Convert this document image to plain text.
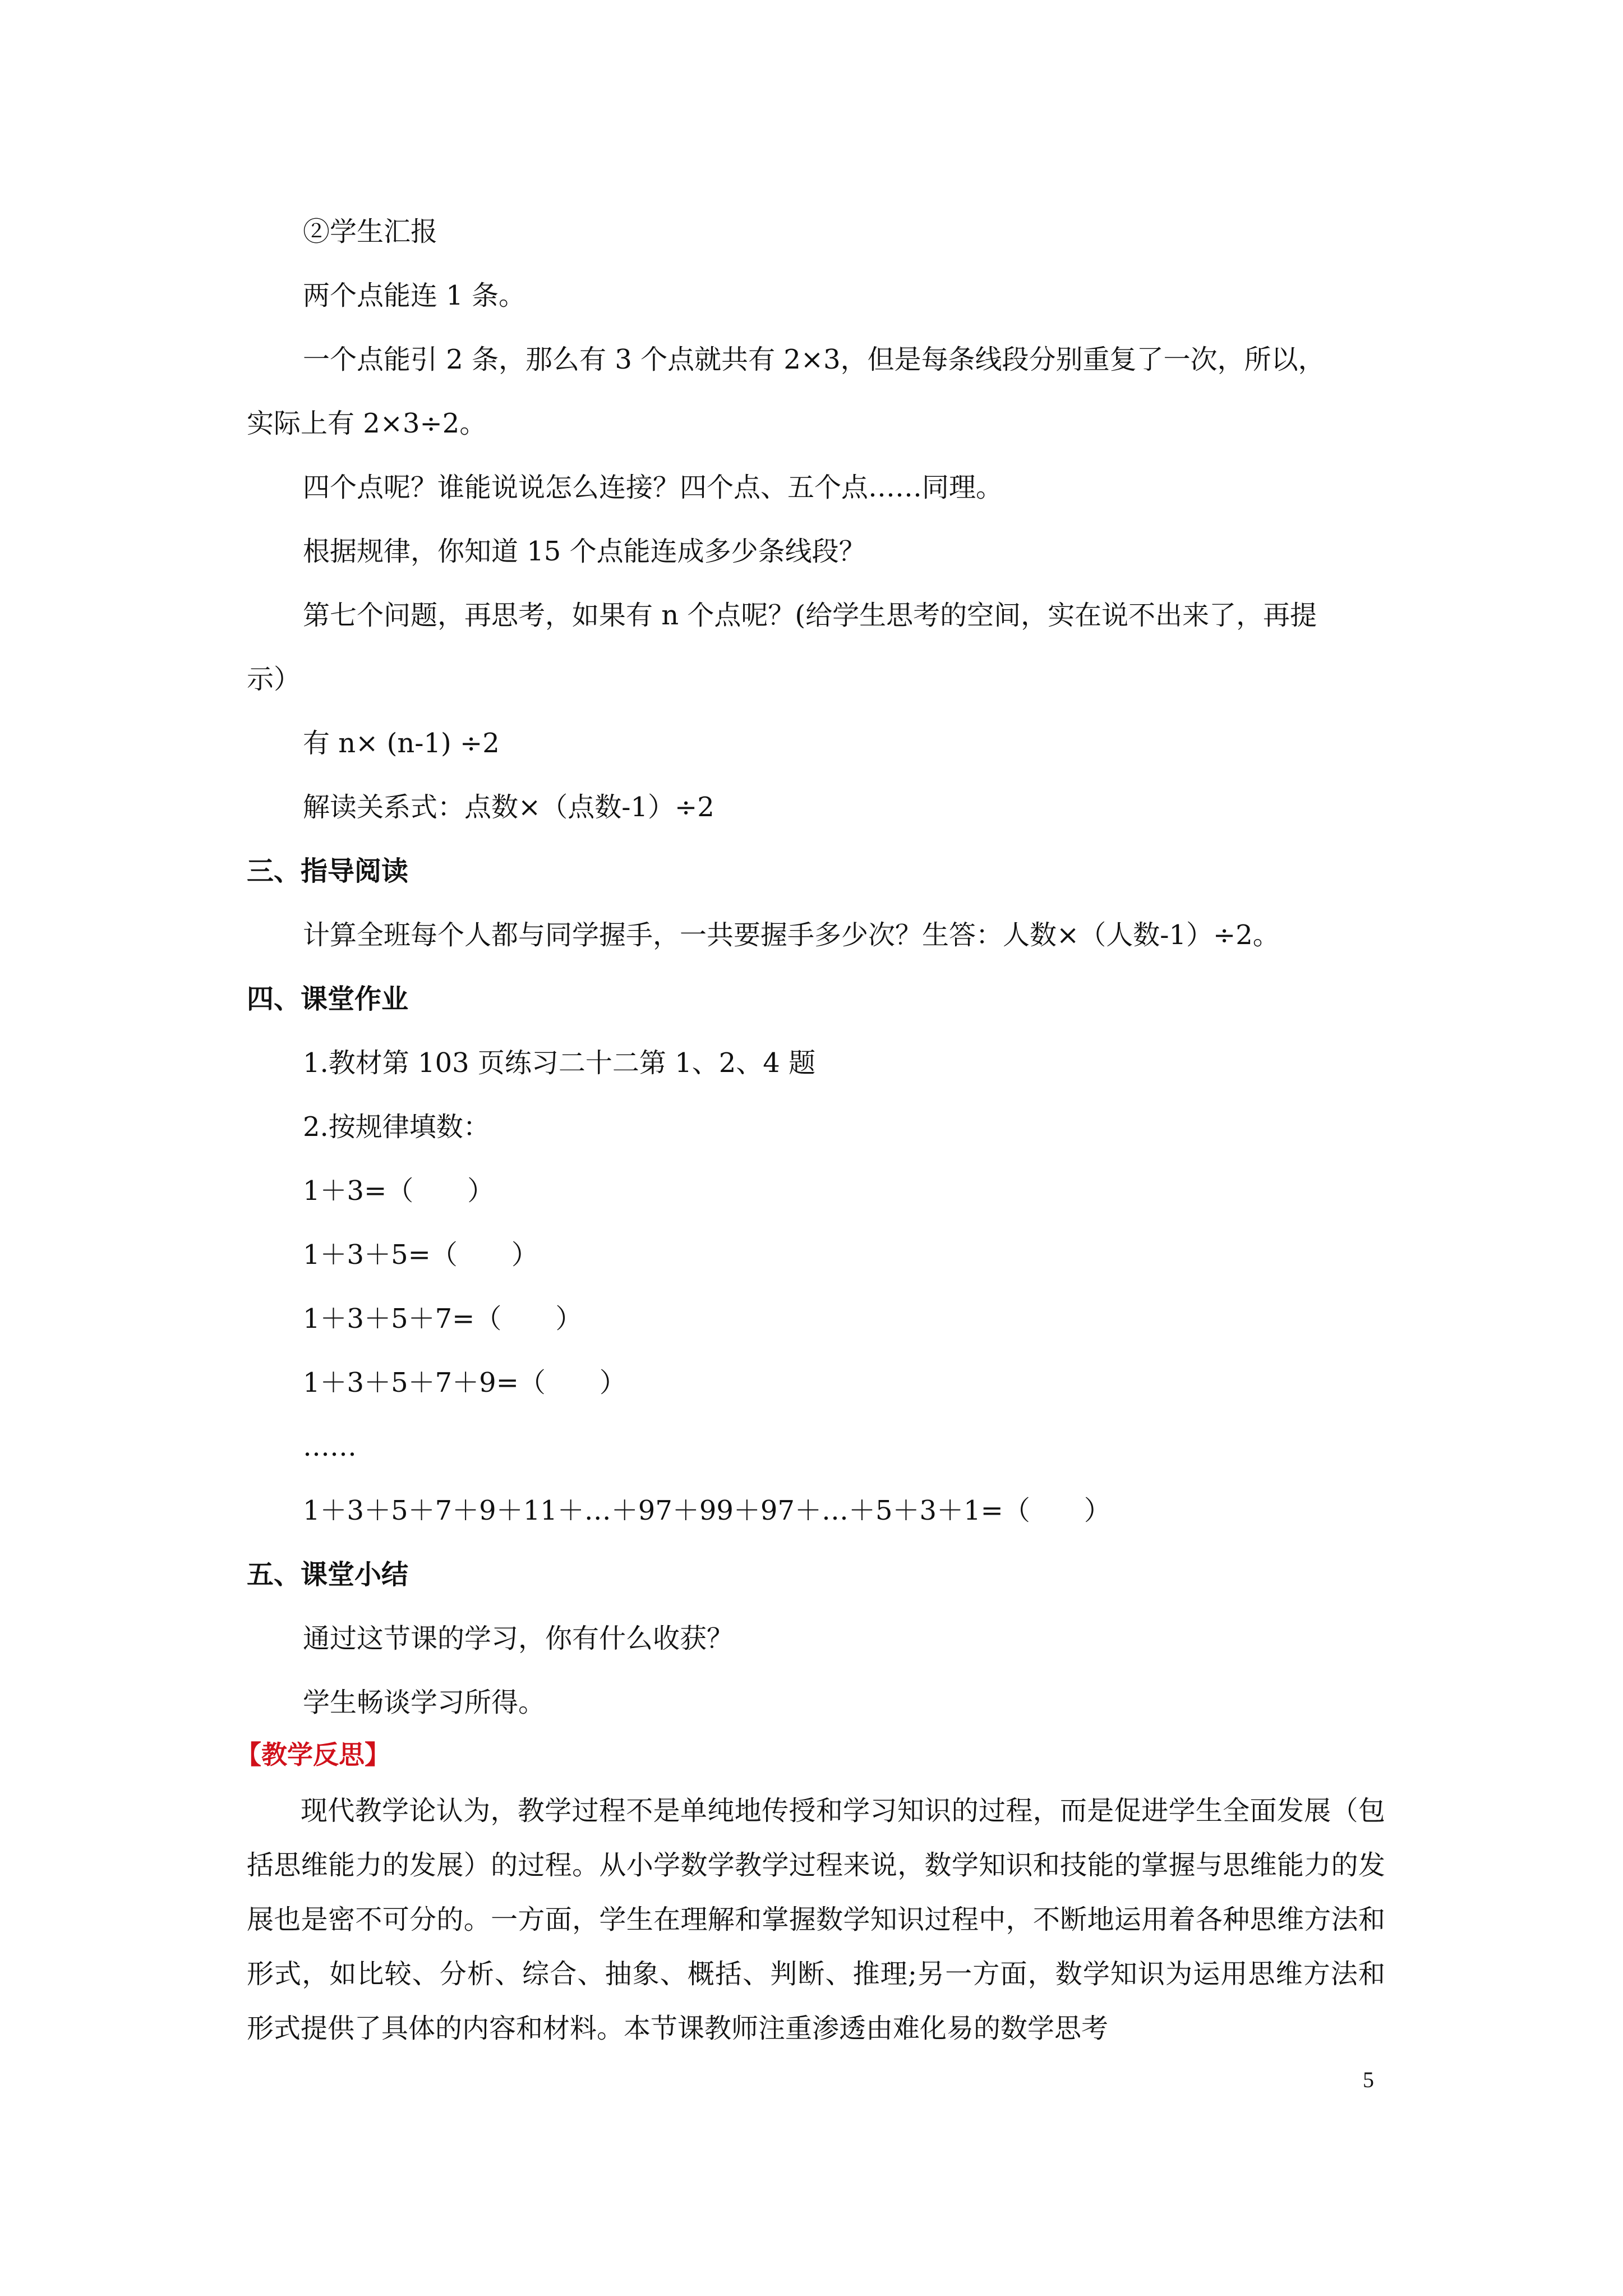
②学生汇报
两个点能连 1 条。
一个点能引 2 条，那么有 3 个点就共有 2×3，但是每条线段分别重复了一次，所以，
实际上有 2×3÷2。
四个点呢？谁能说说怎么连接？四个点、五个点……同理。
根据规律，你知道 15 个点能连成多少条线段？
第七个问题，再思考，如果有 n 个点呢？(给学生思考的空间，实在说不出来了，再提
示）
有 n× (n-1) ÷2
解读关系式：点数×（点数-1）÷2
三、指导阅读
计算全班每个人都与同学握手，一共要握手多少次？生答：人数×（人数-1）÷2。
四、课堂作业
1.教材第 103 页练习二十二第 1、2、4 题
2.按规律填数：
1＋3=（　　）
1＋3＋5=（　　）
1＋3＋5＋7=（　　）
1＋3＋5＋7＋9=（　　）
……
1＋3＋5＋7＋9＋11＋…＋97＋99＋97＋…＋5＋3＋1=（　　）
五、课堂小结
通过这节课的学习，你有什么收获？
学生畅谈学习所得。
【教学反思】

现代教学论认为，教学过程不是单纯地传授和学习知识的过程，而是促进学生全面发展（包括思维能力的发展）的过程。从小学数学教学过程来说，数学知识和技能的掌握与思维能力的发展也是密不可分的。一方面，学生在理解和掌握数学知识过程中，不断地运用着各种思维方法和形式，如比较、分析、综合、抽象、概括、判断、推理;另一方面，数学知识为运用思维方法和形式提供了具体的内容和材料。本节课教师注重渗透由难化易的数学思考

5
